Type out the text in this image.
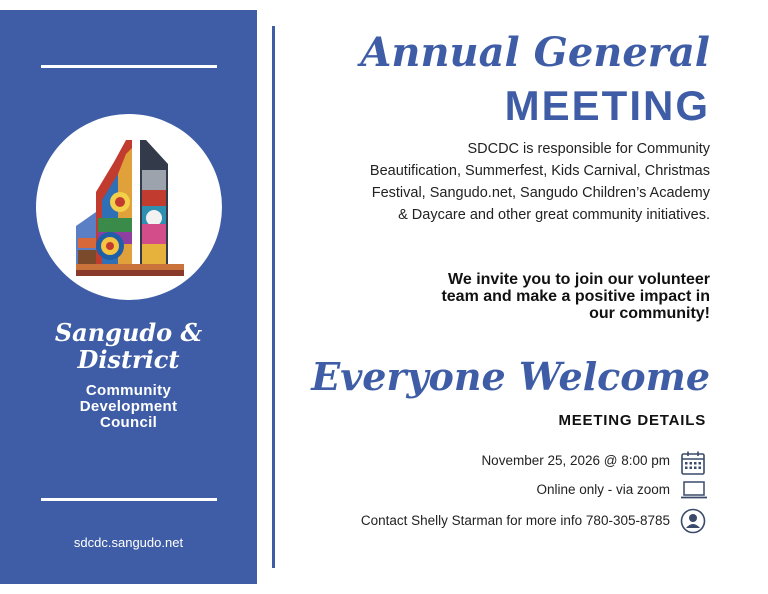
Sangudo &
District
Community
Development
Council
sdcdc.sangudo.net
Annual General
MEETING
SDCDC is responsible for Community
Beautification, Summerfest, Kids Carnival, Christmas
Festival, Sangudo.net, Sangudo Children’s Academy
& Daycare and other great community initiatives.
We invite you to join our volunteer
team and make a positive impact in
our community!
Everyone Welcome
MEETING DETAILS
November 25, 2026 @ 8:00 pm
Online only - via zoom
Contact Shelly Starman for more info 780-305-8785
